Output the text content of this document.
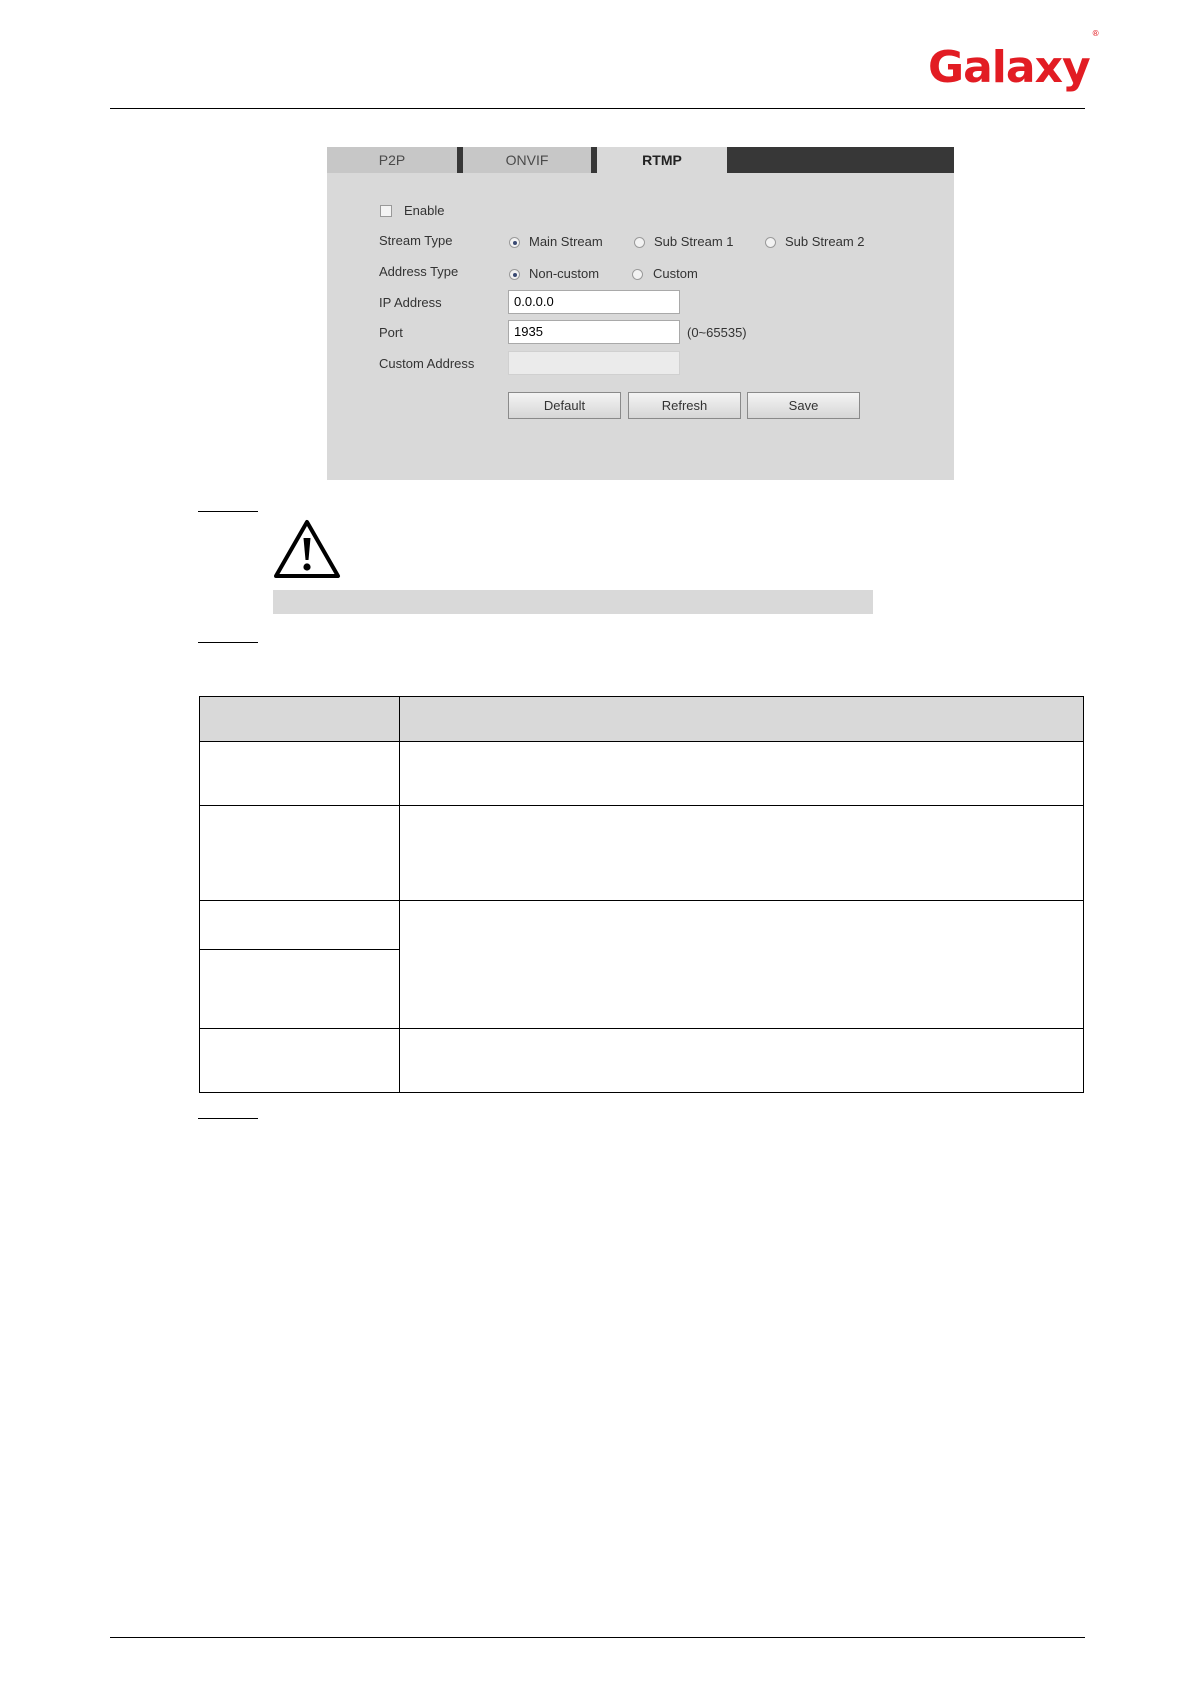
Galaxy®
P2P	ONVIF	RTMP
Enable
Stream Type	Main Stream	Sub Stream 1	Sub Stream 2
Address Type	Non-custom	Custom
IP Address	0.0.0.0
Port	1935	(0~65535)
Custom Address
Default	Refresh	Save
